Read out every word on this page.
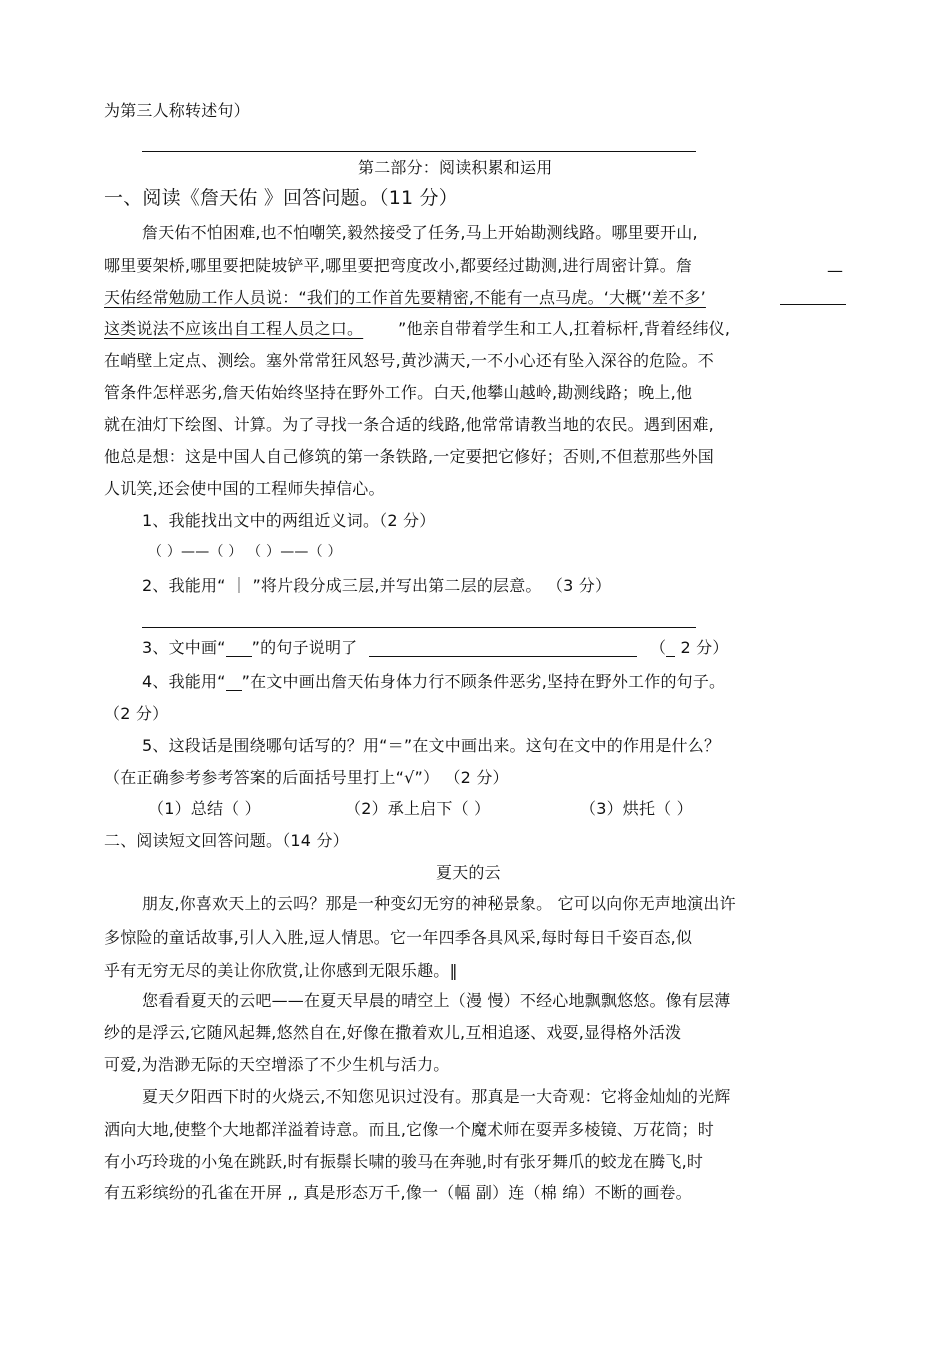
为第三人称转述句）
第二部分：阅读积累和运用
一、阅读《詹天佑 》回答问题。（11 分）
詹天佑不怕困难,也不怕嘲笑,毅然接受了任务,马上开始勘测线路。哪里要开山,
哪里要架桥,哪里要把陡坡铲平,哪里要把弯度改小,都要经过勘测,进行周密计算。詹	—
天佑经常勉励工作人员说：“我们的工作首先要精密,不能有一点马虎。‘大概’‘差不多’
这类说法不应该出自工程人员之口。 ”他亲自带着学生和工人,扛着标杆,背着经纬仪,
在峭壁上定点、测绘。塞外常常狂风怒号,黄沙满天,一不小心还有坠入深谷的危险。不
管条件怎样恶劣,詹天佑始终坚持在野外工作。白天,他攀山越岭,勘测线路；晚上,他
就在油灯下绘图、计算。为了寻找一条合适的线路,他常常请教当地的农民。遇到困难,
他总是想：这是中国人自己修筑的第一条铁路,一定要把它修好；否则,不但惹那些外国
人讥笑,还会使中国的工程师失掉信心。
1、我能找出文中的两组近义词。（2 分）
（ ）——（ ） （ ）——（ ）
2、我能用“ ｜ ”将片段分成三层,并写出第二层的层意。 （3 分）
3、文中画“ ”的句子说明了	（ 2 分）
4、我能用“ ”在文中画出詹天佑身体力行不顾条件恶劣,坚持在野外工作的句子。
（2 分）
5、这段话是围绕哪句话写的？用“＝”在文中画出来。这句在文中的作用是什么？
（在正确参考参考答案的后面括号里打上“√”） （2 分）
（1）总结（ ）	（2）承上启下（ ）	（3）烘托（ ）
二、阅读短文回答问题。（14 分）
夏天的云
朋友,你喜欢天上的云吗？那是一种变幻无穷的神秘景象。 它可以向你无声地演出许
多惊险的童话故事,引人入胜,逗人情思。它一年四季各具风采,每时每日千姿百态,似
乎有无穷无尽的美让你欣赏,让你感到无限乐趣。‖
您看看夏天的云吧——在夏天早晨的晴空上（漫 慢）不经心地飘飘悠悠。像有层薄
纱的是浮云,它随风起舞,悠然自在,好像在撒着欢儿,互相追逐、戏耍,显得格外活泼
可爱,为浩渺无际的天空增添了不少生机与活力。
夏天夕阳西下时的火烧云,不知您见识过没有。那真是一大奇观：它将金灿灿的光辉
洒向大地,使整个大地都洋溢着诗意。而且,它像一个魔术师在耍弄多棱镜、万花筒；时
有小巧玲珑的小兔在跳跃,时有振鬃长啸的骏马在奔驰,时有张牙舞爪的蛟龙在腾飞,时
有五彩缤纷的孔雀在开屏 ,, 真是形态万千,像一（幅 副）连（棉 绵）不断的画卷。
